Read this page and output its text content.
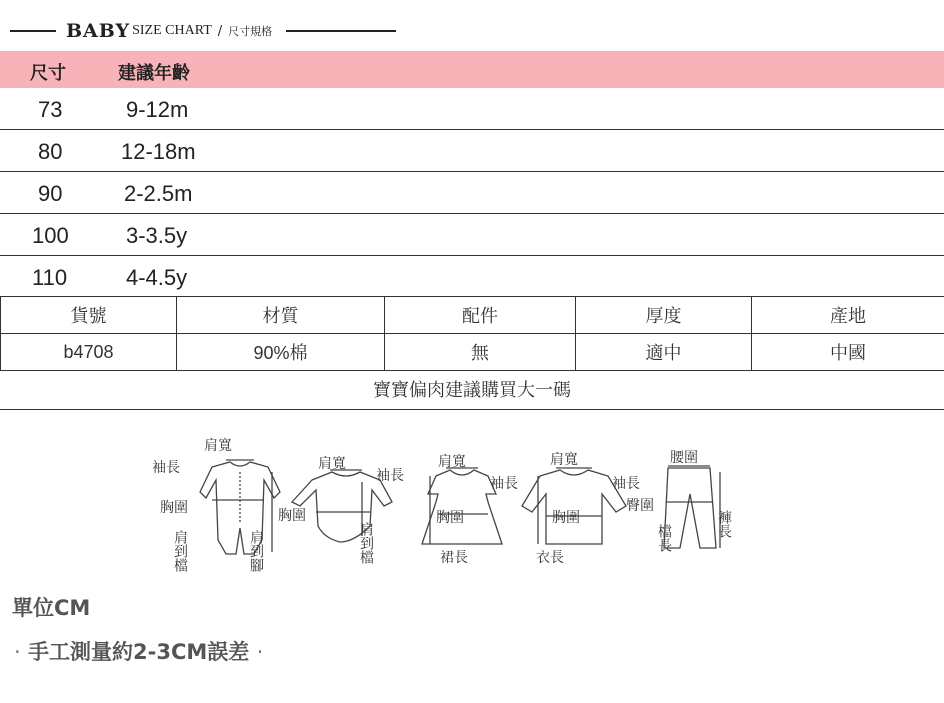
BABY SIZE CHART / 尺寸規格
尺寸	建議年齡
73	9-12m
80	12-18m
90	2-2.5m
100	3-3.5y
110	4-4.5y
貨號	材質	配件	厚度	產地
b4708	90%棉	無	適中	中國
寶寶偏肉建議購買大一碼
肩寬
袖長
胸圍
肩到檔	肩到腳
肩寬
袖長
胸圍
肩到檔
肩寬
袖長
胸圍
裙長
肩寬
袖長
胸圍
衣長
腰圍
臀圍
檔長	褲長
單位CM
· 手工測量約2-3CM誤差 ·
